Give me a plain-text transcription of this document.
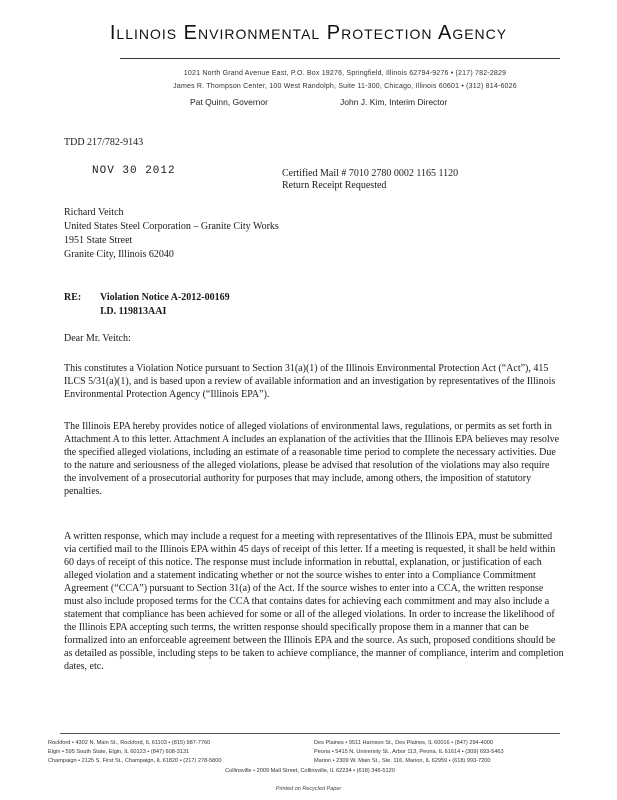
Illinois Environmental Protection Agency
1021 North Grand Avenue East, P.O. Box 19276, Springfield, Illinois 62794-9276 • (217) 782-2829
James R. Thompson Center, 100 West Randolph, Suite 11-300, Chicago, Illinois 60601 • (312) 814-6026
Pat Quinn, Governor	John J. Kim, Interim Director
TDD 217/782-9143
NOV 30 2012	Certified Mail # 7010 2780 0002 1165 1120
Return Receipt Requested
Richard Veitch
United States Steel Corporation – Granite City Works
1951 State Street
Granite City, Illinois 62040
RE: Violation Notice A-2012-00169
I.D. 119813AAI
Dear Mr. Veitch:
This constitutes a Violation Notice pursuant to Section 31(a)(1) of the Illinois Environmental Protection Act (“Act”), 415 ILCS 5/31(a)(1), and is based upon a review of available information and an investigation by representatives of the Illinois Environmental Protection Agency (“Illinois EPA”).
The Illinois EPA hereby provides notice of alleged violations of environmental laws, regulations, or permits as set forth in Attachment A to this letter. Attachment A includes an explanation of the activities that the Illinois EPA believes may resolve the specified alleged violations, including an estimate of a reasonable time period to complete the necessary activities. Due to the nature and seriousness of the alleged violations, please be advised that resolution of the violations may also require the involvement of a prosecutorial authority for purposes that may include, among others, the imposition of statutory penalties.
A written response, which may include a request for a meeting with representatives of the Illinois EPA, must be submitted via certified mail to the Illinois EPA within 45 days of receipt of this letter. If a meeting is requested, it shall be held within 60 days of receipt of this notice. The response must include information in rebuttal, explanation, or justification of each alleged violation and a statement indicating whether or not the source wishes to enter into a Compliance Commitment Agreement (“CCA”) pursuant to Section 31(a) of the Act. If the source wishes to enter into a CCA, the written response must also include proposed terms for the CCA that contains dates for achieving each commitment and may also include a statement that compliance has been achieved for some or all of the alleged violations. In order to increase the likelihood of the Illinois EPA accepting such terms, the written response should specifically propose them in a manner that can be formalized into an enforceable agreement between the Illinois EPA and the source. As such, proposed conditions should be as detailed as possible, including steps to be taken to achieve compliance, the manner of compliance, interim and completion dates, etc.
Rockford • 4302 N. Main St., Rockford, IL 61103 • (815) 987-7760
Elgin • 595 South State, Elgin, IL 60123 • (847) 608-3131
Champaign • 2125 S. First St., Champaign, IL 61820 • (217) 278-5800
Des Plaines • 9511 Harrison St., Des Plaines, IL 60016 • (847) 294-4000
Peoria • 5415 N. University St., Arbor 113, Peoria, IL 61614 • (309) 693-5463
Marion • 2309 W. Main St., Ste. 116, Marion, IL 62959 • (618) 993-7200
Collinsville • 2009 Mall Street, Collinsville, IL 62234 • (618) 346-5120
Printed on Recycled Paper
